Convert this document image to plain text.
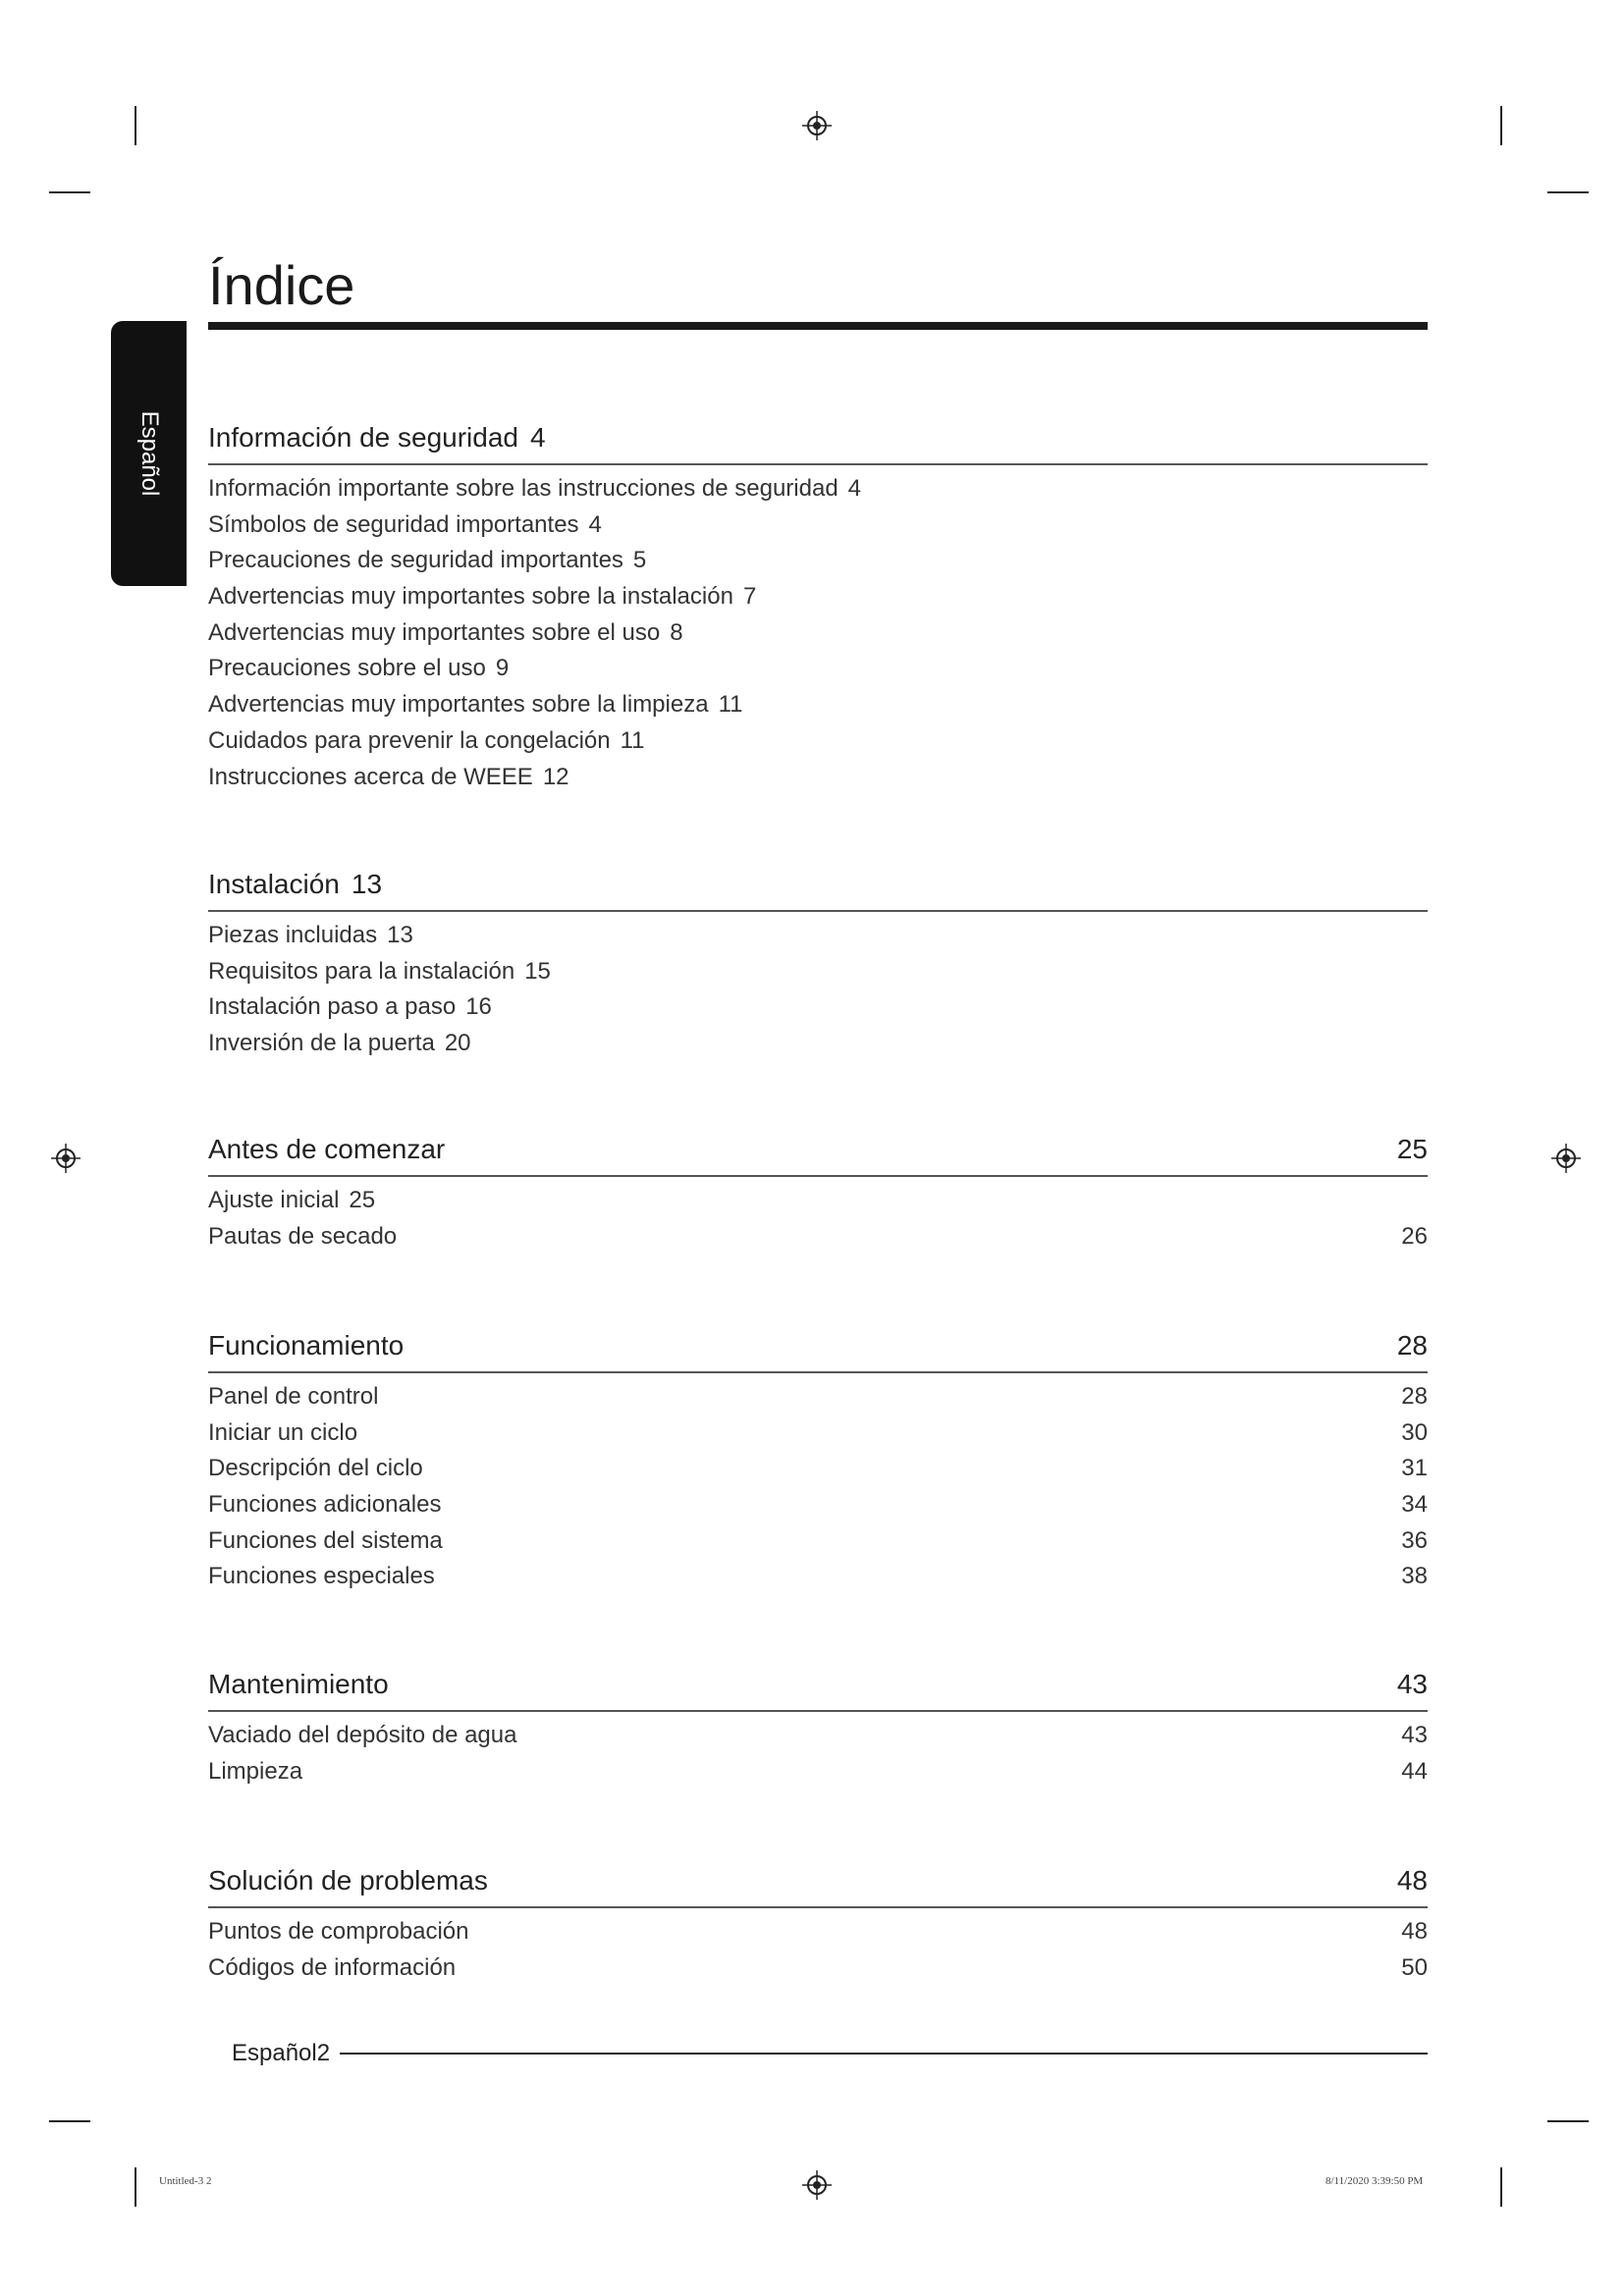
Español
Índice
Información de seguridad 4
Información importante sobre las instrucciones de seguridad 4
Símbolos de seguridad importantes 4
Precauciones de seguridad importantes 5
Advertencias muy importantes sobre la instalación 7
Advertencias muy importantes sobre el uso 8
Precauciones sobre el uso 9
Advertencias muy importantes sobre la limpieza 11
Cuidados para prevenir la congelación 11
Instrucciones acerca de WEEE 12
Instalación 13
Piezas incluidas 13
Requisitos para la instalación 15
Instalación paso a paso 16
Inversión de la puerta 20
Antes de comenzar	25
Ajuste inicial 25
Pautas de secado	26
Funcionamiento	28
Panel de control	28
Iniciar un ciclo	30
Descripción del ciclo	31
Funciones adicionales	34
Funciones del sistema	36
Funciones especiales	38
Mantenimiento	43
Vaciado del depósito de agua	43
Limpieza	44
Solución de problemas	48
Puntos de comprobación	48
Códigos de información	50
Español 2
Untitled-3 2	8/11/2020 3:39:50 PM
